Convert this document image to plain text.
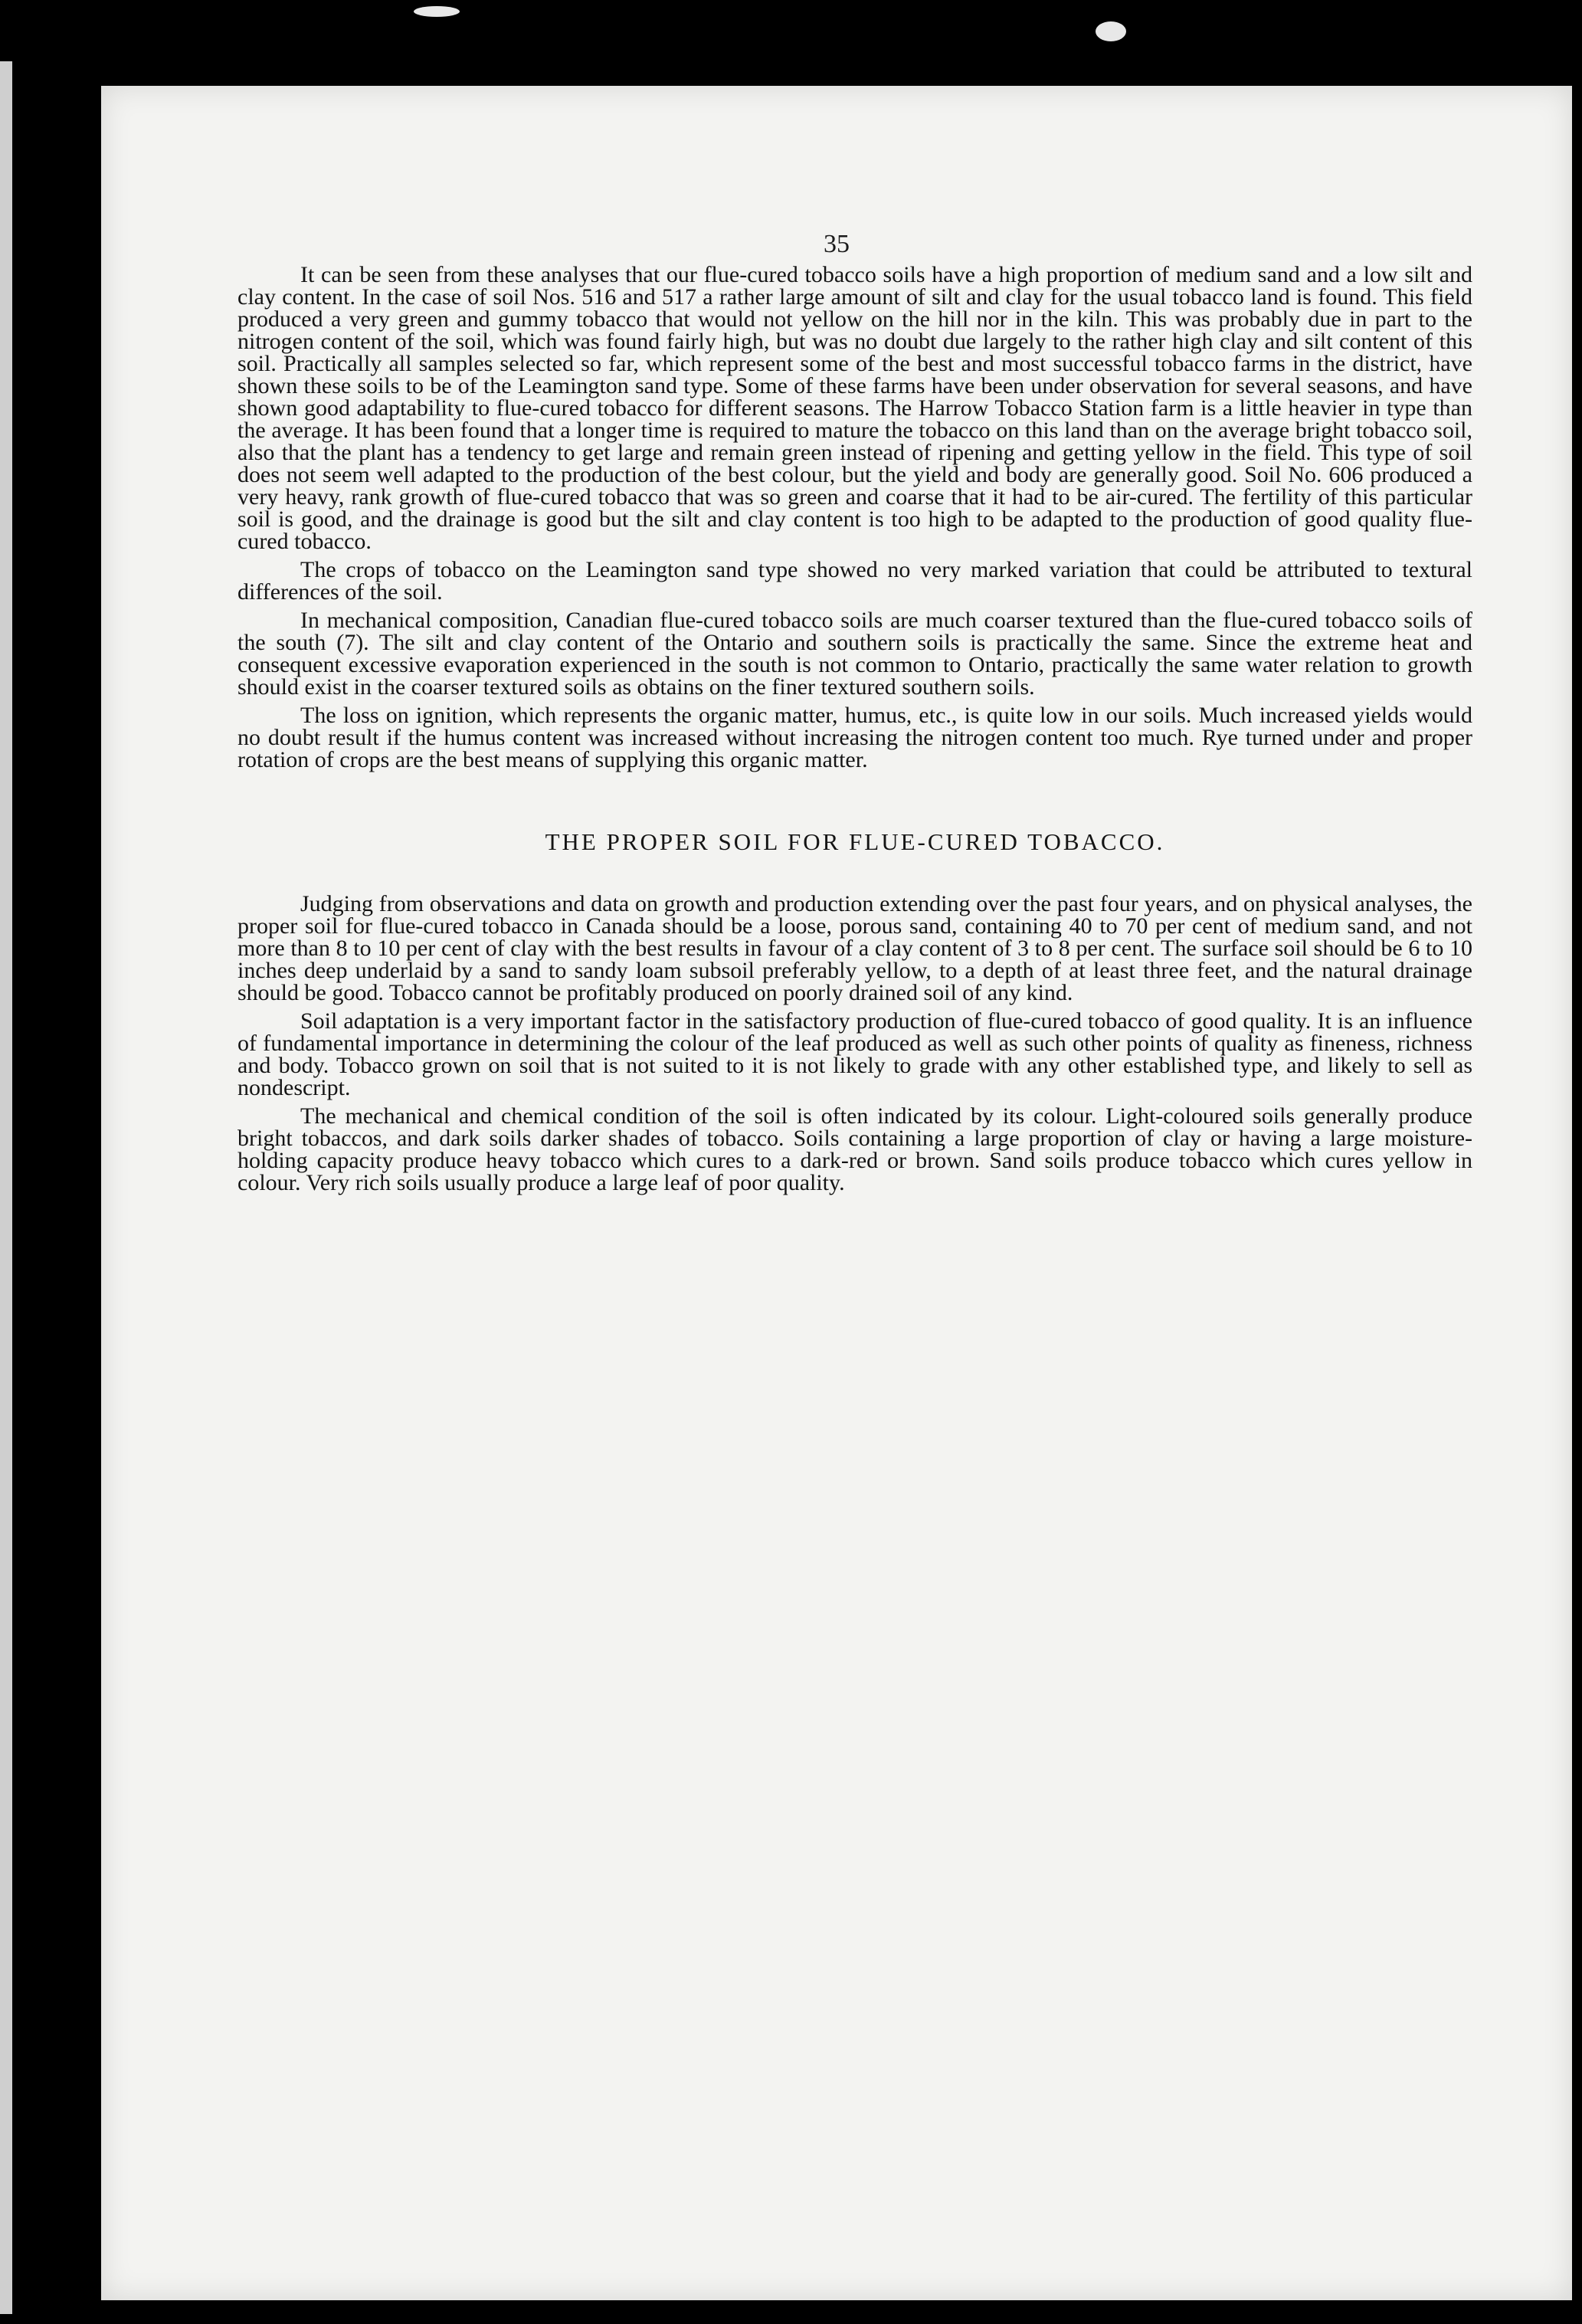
35

It can be seen from these analyses that our flue-cured tobacco soils have a high proportion of medium sand and a low silt and clay content. In the case of soil Nos. 516 and 517 a rather large amount of silt and clay for the usual tobacco land is found. This field produced a very green and gummy tobacco that would not yellow on the hill nor in the kiln. This was probably due in part to the nitrogen content of the soil, which was found fairly high, but was no doubt due largely to the rather high clay and silt content of this soil. Practically all samples selected so far, which represent some of the best and most successful tobacco farms in the district, have shown these soils to be of the Leamington sand type. Some of these farms have been under observation for several seasons, and have shown good adaptability to flue-cured tobacco for different seasons. The Harrow Tobacco Station farm is a little heavier in type than the average. It has been found that a longer time is required to mature the tobacco on this land than on the average bright tobacco soil, also that the plant has a tendency to get large and remain green instead of ripening and getting yellow in the field. This type of soil does not seem well adapted to the production of the best colour, but the yield and body are generally good. Soil No. 606 produced a very heavy, rank growth of flue-cured tobacco that was so green and coarse that it had to be air-cured. The fertility of this particular soil is good, and the drainage is good but the silt and clay content is too high to be adapted to the production of good quality flue-cured tobacco.

The crops of tobacco on the Leamington sand type showed no very marked variation that could be attributed to textural differences of the soil.

In mechanical composition, Canadian flue-cured tobacco soils are much coarser textured than the flue-cured tobacco soils of the south (7). The silt and clay content of the Ontario and southern soils is practically the same. Since the extreme heat and consequent excessive evaporation experienced in the south is not common to Ontario, practically the same water relation to growth should exist in the coarser textured soils as obtains on the finer textured southern soils.

The loss on ignition, which represents the organic matter, humus, etc., is quite low in our soils. Much increased yields would no doubt result if the humus content was increased without increasing the nitrogen content too much. Rye turned under and proper rotation of crops are the best means of supplying this organic matter.

THE PROPER SOIL FOR FLUE-CURED TOBACCO.

Judging from observations and data on growth and production extending over the past four years, and on physical analyses, the proper soil for flue-cured tobacco in Canada should be a loose, porous sand, containing 40 to 70 per cent of medium sand, and not more than 8 to 10 per cent of clay with the best results in favour of a clay content of 3 to 8 per cent. The surface soil should be 6 to 10 inches deep underlaid by a sand to sandy loam subsoil preferably yellow, to a depth of at least three feet, and the natural drainage should be good. Tobacco cannot be profitably produced on poorly drained soil of any kind.

Soil adaptation is a very important factor in the satisfactory production of flue-cured tobacco of good quality. It is an influence of fundamental importance in determining the colour of the leaf produced as well as such other points of quality as fineness, richness and body. Tobacco grown on soil that is not suited to it is not likely to grade with any other established type, and likely to sell as nondescript.

The mechanical and chemical condition of the soil is often indicated by its colour. Light-coloured soils generally produce bright tobaccos, and dark soils darker shades of tobacco. Soils containing a large proportion of clay or having a large moisture-holding capacity produce heavy tobacco which cures to a dark-red or brown. Sand soils produce tobacco which cures yellow in colour. Very rich soils usually produce a large leaf of poor quality.
